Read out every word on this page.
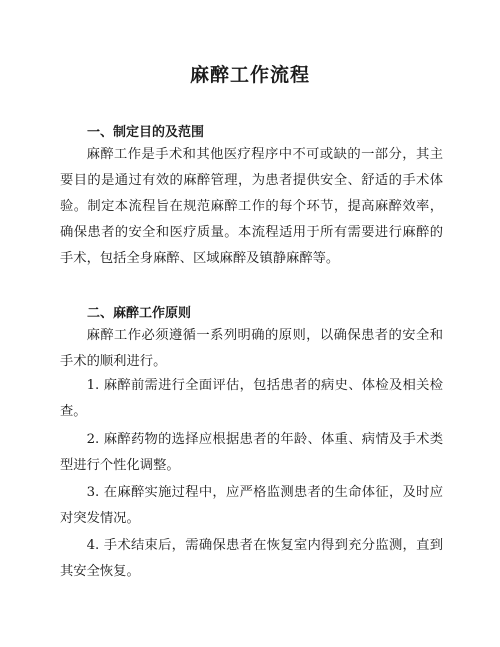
麻醉工作流程
一、制定目的及范围

麻醉工作是手术和其他医疗程序中不可或缺的一部分，其主要目的是通过有效的麻醉管理，为患者提供安全、舒适的手术体验。制定本流程旨在规范麻醉工作的每个环节，提高麻醉效率，确保患者的安全和医疗质量。本流程适用于所有需要进行麻醉的手术，包括全身麻醉、区域麻醉及镇静麻醉等。

二、麻醉工作原则

麻醉工作必须遵循一系列明确的原则，以确保患者的安全和手术的顺利进行。

1. 麻醉前需进行全面评估，包括患者的病史、体检及相关检查。

2. 麻醉药物的选择应根据患者的年龄、体重、病情及手术类型进行个性化调整。

3. 在麻醉实施过程中，应严格监测患者的生命体征，及时应对突发情况。

4. 手术结束后，需确保患者在恢复室内得到充分监测，直到其安全恢复。
